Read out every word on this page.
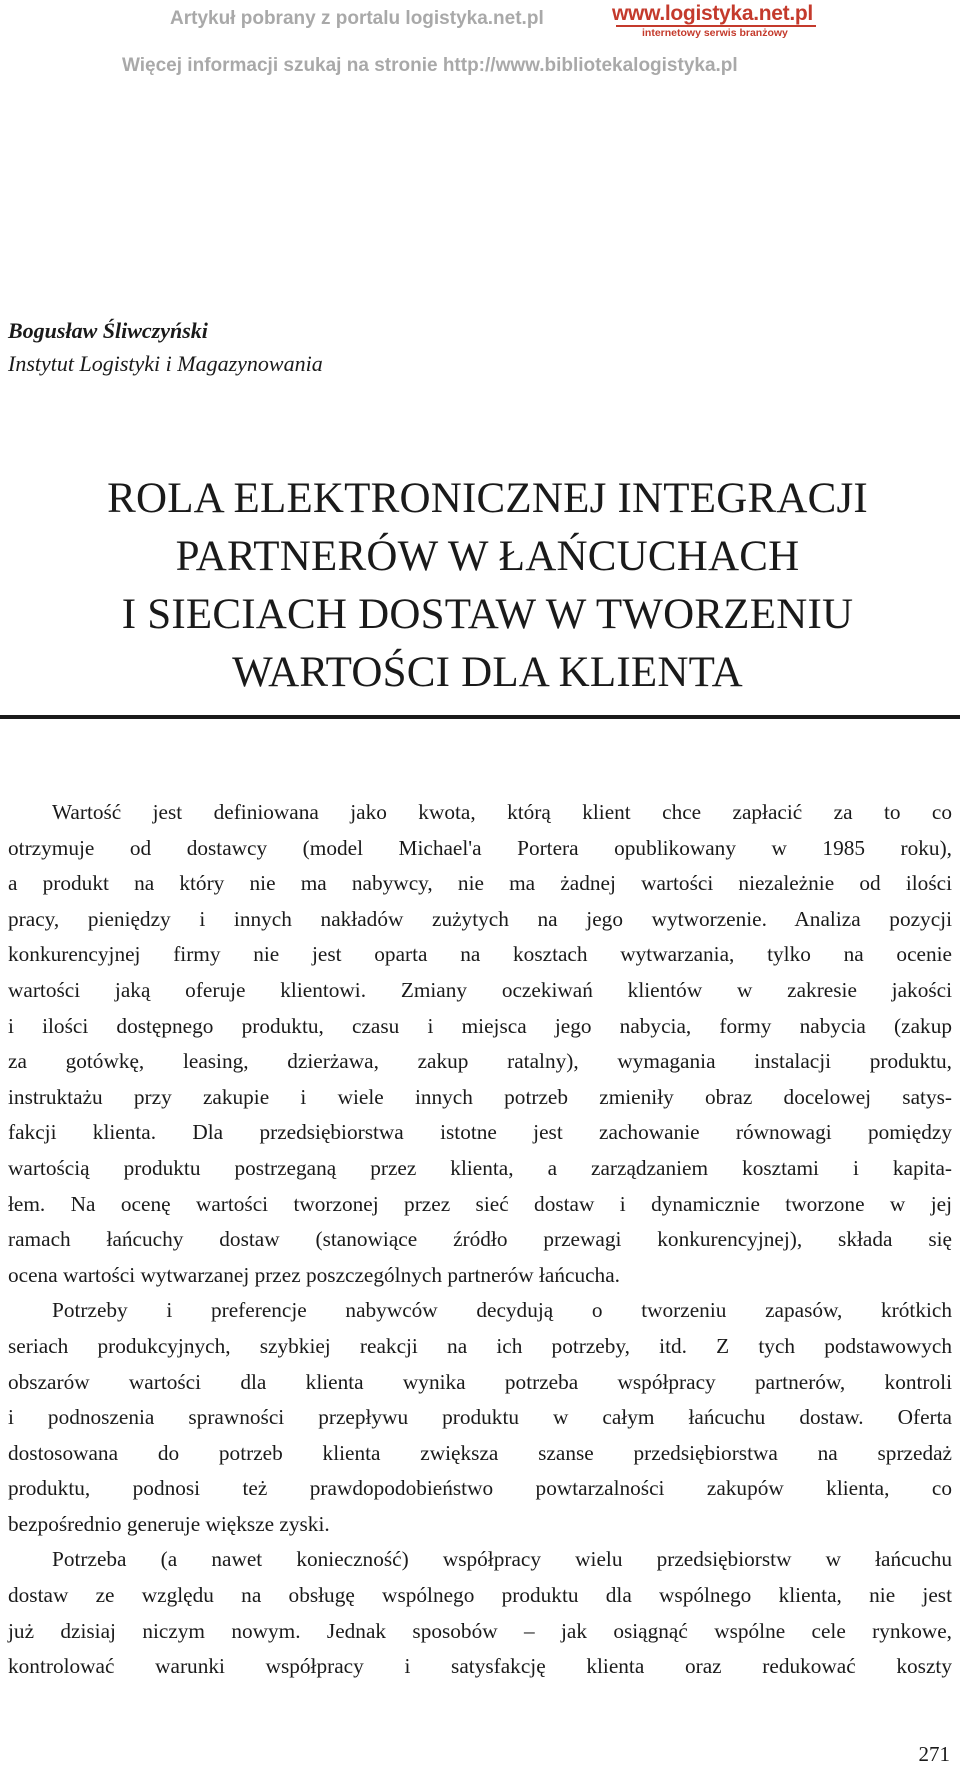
Artykuł pobrany z portalu logistyka.net.pl
Więcej informacji szukaj na stronie http://www.bibliotekalogistyka.pl
www.logistyka.net.pl
internetowy serwis branżowy
Bogusław Śliwczyński
Instytut Logistyki i Magazynowania
ROLA ELEKTRONICZNEJ INTEGRACJI
PARTNERÓW W ŁAŃCUCHACH
I SIECIACH DOSTAW W TWORZENIU
WARTOŚCI DLA KLIENTA
Wartość jest definiowana jako kwota, którą klient chce zapłacić za to co
otrzymuje od dostawcy (model Michael'a Portera opublikowany w 1985 roku),
a produkt na który nie ma nabywcy, nie ma żadnej wartości niezależnie od ilości
pracy, pieniędzy i innych nakładów zużytych na jego wytworzenie. Analiza pozycji
konkurencyjnej firmy nie jest oparta na kosztach wytwarzania, tylko na ocenie
wartości jaką oferuje klientowi. Zmiany oczekiwań klientów w zakresie jakości
i ilości dostępnego produktu, czasu i miejsca jego nabycia, formy nabycia (zakup
za gotówkę, leasing, dzierżawa, zakup ratalny), wymagania instalacji produktu,
instruktażu przy zakupie i wiele innych potrzeb zmieniły obraz docelowej satys-
fakcji klienta. Dla przedsiębiorstwa istotne jest zachowanie równowagi pomiędzy
wartością produktu postrzeganą przez klienta, a zarządzaniem kosztami i kapita-
łem. Na ocenę wartości tworzonej przez sieć dostaw i dynamicznie tworzone w jej
ramach łańcuchy dostaw (stanowiące źródło przewagi konkurencyjnej), składa się
ocena wartości wytwarzanej przez poszczególnych partnerów łańcucha.
Potrzeby i preferencje nabywców decydują o tworzeniu zapasów, krótkich
seriach produkcyjnych, szybkiej reakcji na ich potrzeby, itd. Z tych podstawowych
obszarów wartości dla klienta wynika potrzeba współpracy partnerów, kontroli
i podnoszenia sprawności przepływu produktu w całym łańcuchu dostaw. Oferta
dostosowana do potrzeb klienta zwiększa szanse przedsiębiorstwa na sprzedaż
produktu, podnosi też prawdopodobieństwo powtarzalności zakupów klienta, co
bezpośrednio generuje większe zyski.
Potrzeba (a nawet konieczność) współpracy wielu przedsiębiorstw w łańcuchu
dostaw ze względu na obsługę wspólnego produktu dla wspólnego klienta, nie jest
już dzisiaj niczym nowym. Jednak sposobów – jak osiągnąć wspólne cele rynkowe,
kontrolować warunki współpracy i satysfakcję klienta oraz redukować koszty
271
